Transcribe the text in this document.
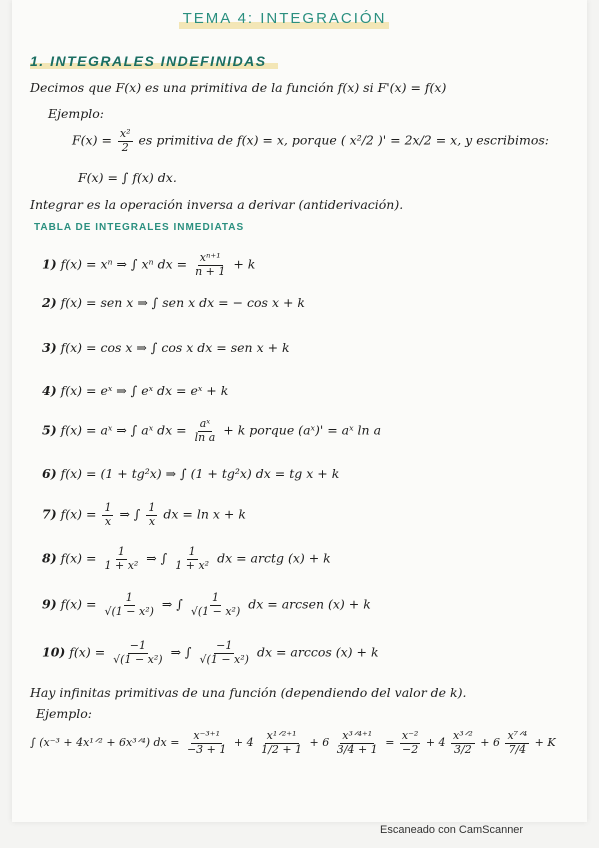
TEMA 4: INTEGRACIÓN
1. INTEGRALES INDEFINIDAS
Decimos que F(x) es una primitiva de la función f(x) si F'(x) = f(x)
Ejemplo:
$F(x) = \frac{\text{x²}}{2}$ es primitiva de f(x) = x, porque ( x²/2 )' = 2x/2 = x, y escribimos:
F(x) = ∫ f(x) dx.
Integrar es la operación inversa a derivar (antiderivación).
TABLA DE INTEGRALES INMEDIATAS
1) f(x) = xⁿ ⇒ ∫ xⁿ dx = $\frac{\text{xⁿ⁺¹}}{n + 1} + k$
2) f(x) = sen x ⇒ ∫ sen x dx = − cos x + k
3) f(x) = cos x ⇒ ∫ cos x dx = sen x + k
4) f(x) = eˣ ⇒ ∫ eˣ dx = eˣ + k
5) f(x) = aˣ ⇒ ∫ aˣ dx = $\frac{\text{aˣ}}{\text{ln a}} + k$ porque (aˣ)' = aˣ ln a
6) f(x) = (1 + tg²x) ⇒ ∫ (1 + tg²x) dx = tg x + k
7) $f(x) = \frac{1}{x}$ ⇒ ∫ $\frac{1}{x}$ dx = ln x + k
8) $f(x) = \frac{1}{\text{1 + x²}}$ ⇒ ∫ $\frac{1}{\text{1 + x²}}$ dx = arctg (x) + k
9) $f(x) = \frac{1}{\text{√(1 − x²)}}$ ⇒ ∫ $\frac{1}{\text{√(1 − x²)}}$ dx = arcsen (x) + k
10) $f(x) = \frac{-1}{\text{√(1 − x²)}}$ ⇒ ∫ $\frac{-1}{\text{√(1 − x²)}}$ dx = arccos (x) + k
Hay infinitas primitivas de una función (dependiendo del valor de k).
Ejemplo:
∫ (x⁻³ + 4x¹ᐟ² + 6x³ᐟ⁴) dx = $\frac{\text{x⁻³⁺¹}}{-3 + 1} + 4 \frac{\text{x¹ᐟ²⁺¹}}{1/2 + 1} + 6 \frac{\text{x³ᐟ⁴⁺¹}}{3/4 + 1} = \frac{\text{x⁻²}}{-2} + 4 \frac{\text{x³ᐟ²}}{3/2} + 6 \frac{\text{x⁷ᐟ⁴}}{7/4} + K$
Escaneado con CamScanner
